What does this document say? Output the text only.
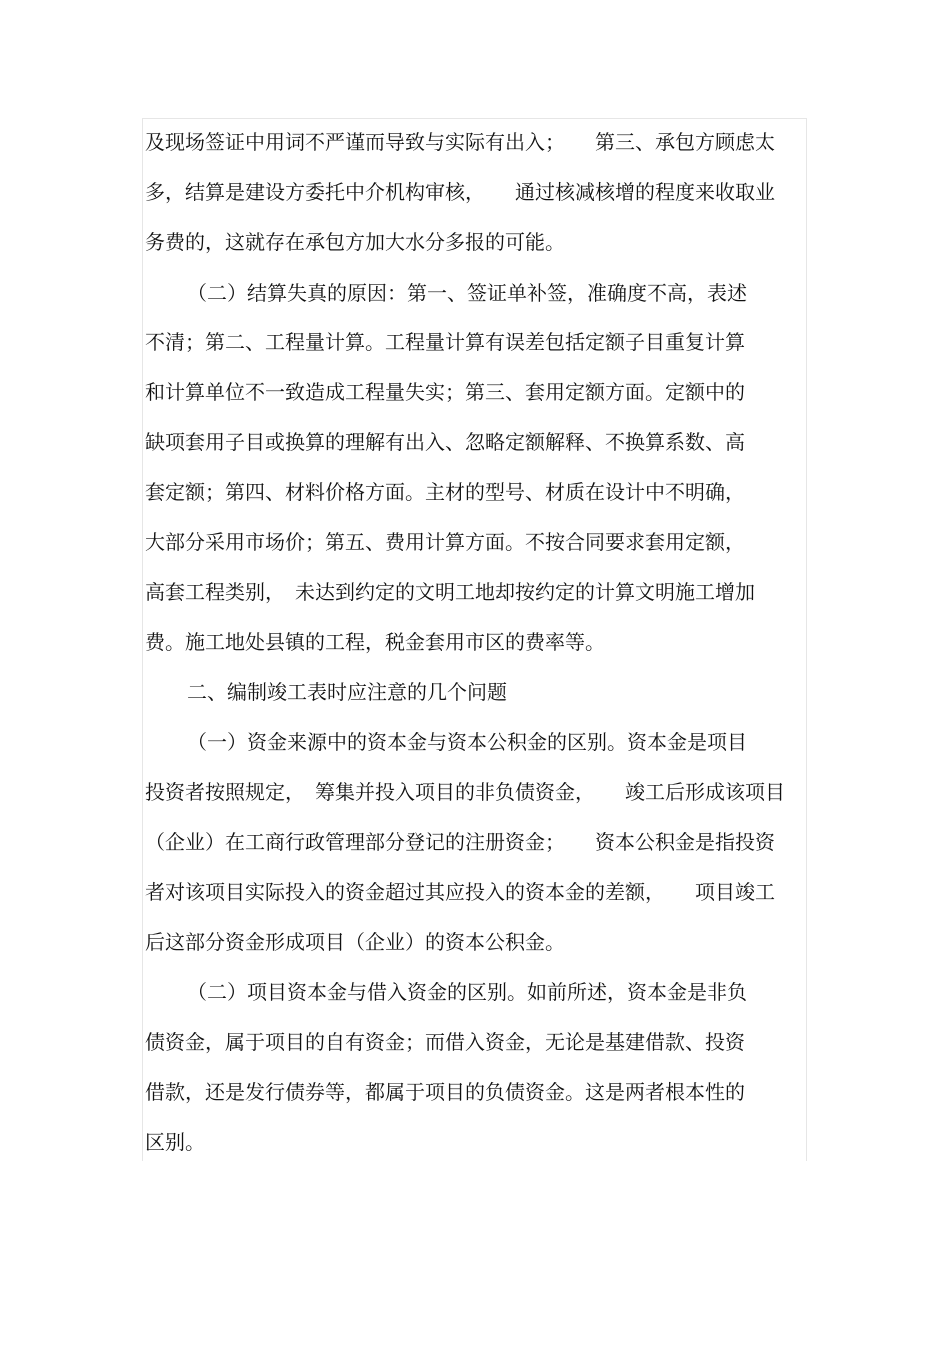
及现场签证中用词不严谨而导致与实际有出入；　　第三、承包方顾虑太
多，结算是建设方委托中介机构审核，　　通过核减核增的程度来收取业
务费的，这就存在承包方加大水分多报的可能。
（二）结算失真的原因：第一、签证单补签，准确度不高，表述
不清；第二、工程量计算。工程量计算有误差包括定额子目重复计算
和计算单位不一致造成工程量失实；第三、套用定额方面。定额中的
缺项套用子目或换算的理解有出入、忽略定额解释、不换算系数、高
套定额；第四、材料价格方面。主材的型号、材质在设计中不明确，
大部分采用市场价；第五、费用计算方面。不按合同要求套用定额，
高套工程类别，　未达到约定的文明工地却按约定的计算文明施工增加
费。施工地处县镇的工程，税金套用市区的费率等。
二、编制竣工表时应注意的几个问题
（一）资金来源中的资本金与资本公积金的区别。资本金是项目
投资者按照规定，　筹集并投入项目的非负债资金，　　竣工后形成该项目
（企业）在工商行政管理部分登记的注册资金；　　资本公积金是指投资
者对该项目实际投入的资金超过其应投入的资本金的差额，　　项目竣工
后这部分资金形成项目（企业）的资本公积金。
（二）项目资本金与借入资金的区别。如前所述，资本金是非负
债资金，属于项目的自有资金；而借入资金，无论是基建借款、投资
借款，还是发行债券等，都属于项目的负债资金。这是两者根本性的
区别。
